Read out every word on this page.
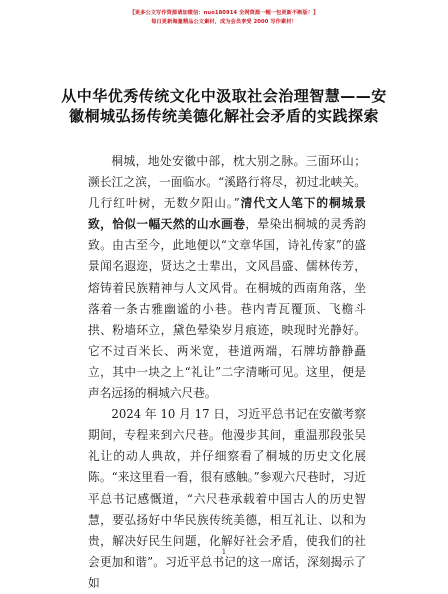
【更多公文写作资源请加微信：nuo180914 全网资源一帽一包更新不断版！】
每日更新海量精品公文素材，成为会员享受 2000 写作素材！
从中华优秀传统文化中汲取社会治理智慧——安徽桐城弘扬传统美德化解社会矛盾的实践探索

桐城，地处安徽中部，枕大别之脉。三面环山；濒长江之滨，一面临水。“溪路行将尽，初过北峡关。几行红叶树，无数夕阳山。”清代文人笔下的桐城景致，恰似一幅天然的山水画卷，晕染出桐城的灵秀韵致。由古至今，此地便以“文章华国，诗礼传家”的盛景闻名遐迩，贤达之士辈出，文风昌盛、儒林传芳，熔铸着民族精神与人文风骨。在桐城的西南角落，坐落着一条古雅幽谧的小巷。巷内青瓦覆顶、飞檐斗拱、粉墙环立，黛色晕染岁月痕迹，映现时光静好。它不过百米长、两米宽，巷道两端，石牌坊静静矗立，其中一块之上“礼让”二字清晰可见。这里，便是声名远扬的桐城六尺巷。

2024 年 10 月 17 日，习近平总书记在安徽考察期间，专程来到六尺巷。他漫步其间，重温那段张吴礼让的动人典故，并仔细察看了桐城的历史文化展陈。“来这里看一看，很有感触。”参观六尺巷时，习近平总书记感慨道，“六尺巷承载着中国古人的历史智慧，要弘扬好中华民族传统美德，相互礼让、以和为贵，解决好民生问题，化解好社会矛盾，使我们的社会更加和谐”。习近平总书记的这一席话，深刻揭示了如

1
